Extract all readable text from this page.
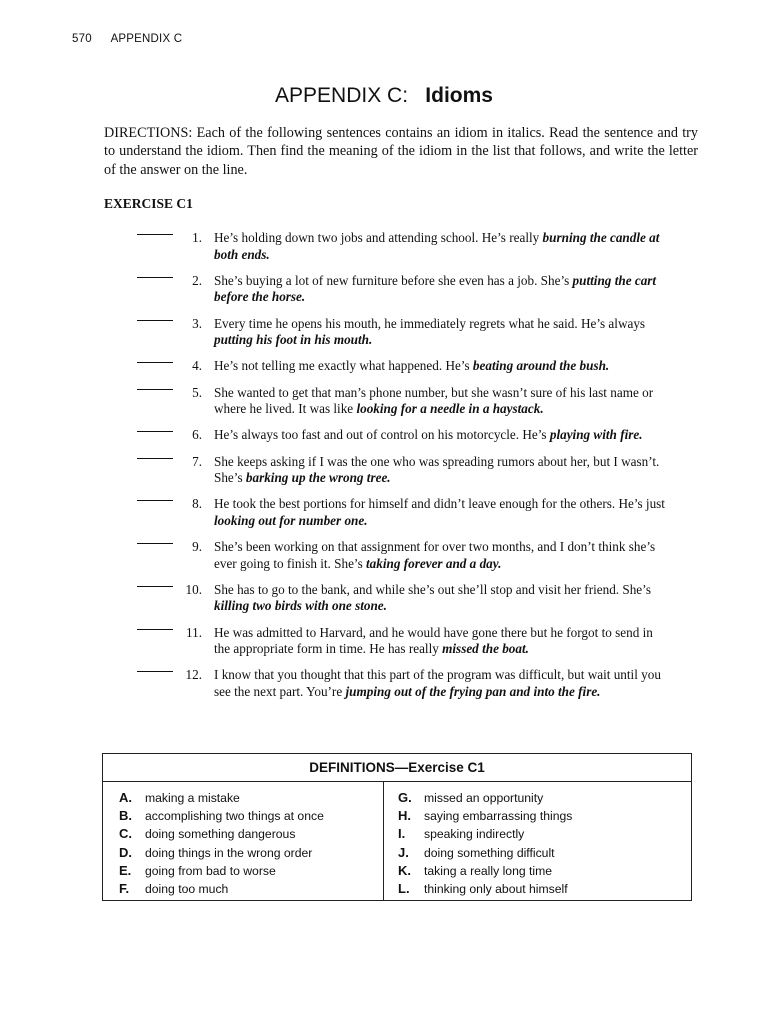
570 APPENDIX C
APPENDIX C: Idioms
DIRECTIONS: Each of the following sentences contains an idiom in italics. Read the sentence and try to understand the idiom. Then find the meaning of the idiom in the list that follows, and write the letter of the answer on the line.
EXERCISE C1
1. He’s holding down two jobs and attending school. He’s really burning the candle at both ends.
2. She’s buying a lot of new furniture before she even has a job. She’s putting the cart before the horse.
3. Every time he opens his mouth, he immediately regrets what he said. He’s always putting his foot in his mouth.
4. He’s not telling me exactly what happened. He’s beating around the bush.
5. She wanted to get that man’s phone number, but she wasn’t sure of his last name or where he lived. It was like looking for a needle in a haystack.
6. He’s always too fast and out of control on his motorcycle. He’s playing with fire.
7. She keeps asking if I was the one who was spreading rumors about her, but I wasn’t. She’s barking up the wrong tree.
8. He took the best portions for himself and didn’t leave enough for the others. He’s just looking out for number one.
9. She’s been working on that assignment for over two months, and I don’t think she’s ever going to finish it. She’s taking forever and a day.
10. She has to go to the bank, and while she’s out she’ll stop and visit her friend. She’s killing two birds with one stone.
11. He was admitted to Harvard, and he would have gone there but he forgot to send in the appropriate form in time. He has really missed the boat.
12. I know that you thought that this part of the program was difficult, but wait until you see the next part. You’re jumping out of the frying pan and into the fire.
DEFINITIONS—Exercise C1
A. making a mistake
B. accomplishing two things at once
C. doing something dangerous
D. doing things in the wrong order
E. going from bad to worse
F. doing too much
G. missed an opportunity
H. saying embarrassing things
I. speaking indirectly
J. doing something difficult
K. taking a really long time
L. thinking only about himself
